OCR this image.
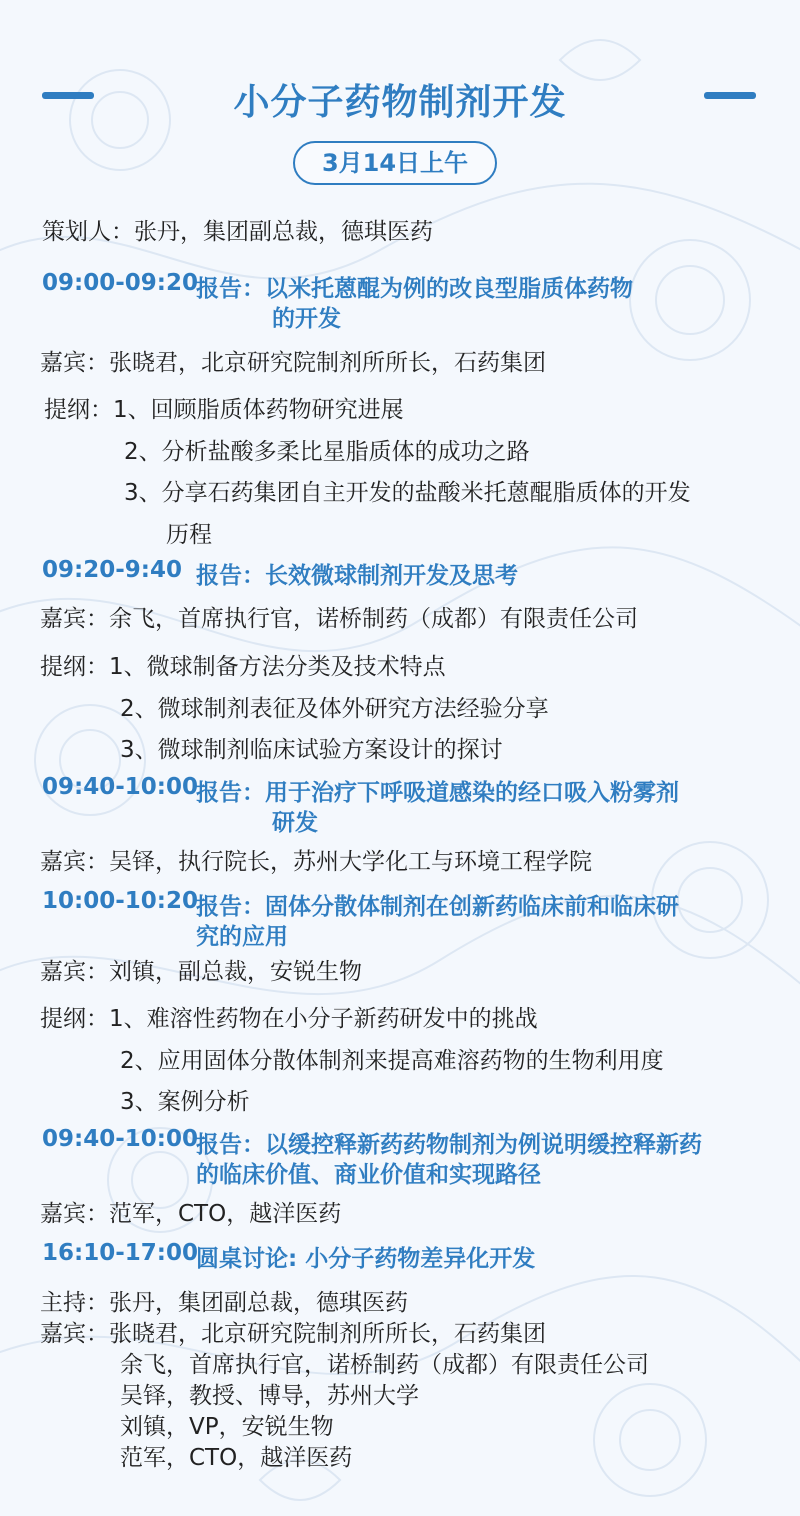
小分子药物制剂开发
3月14日上午
策划人：张丹，集团副总裁，德琪医药
09:00-09:20
报告：以米托蒽醌为例的改良型脂质体药物
的开发
嘉宾：张晓君，北京研究院制剂所所长，石药集团
提纲：1、回顾脂质体药物研究进展
2、分析盐酸多柔比星脂质体的成功之路
3、分享石药集团自主开发的盐酸米托蒽醌脂质体的开发
历程
09:20-9:40 报告：长效微球制剂开发及思考
嘉宾：余飞，首席执行官，诺桥制药（成都）有限责任公司
提纲：1、微球制备方法分类及技术特点
2、微球制剂表征及体外研究方法经验分享
3、微球制剂临床试验方案设计的探讨
09:40-10:00
报告：用于治疗下呼吸道感染的经口吸入粉雾剂
研发
嘉宾：吴铎，执行院长，苏州大学化工与环境工程学院
10:00-10:20
报告：固体分散体制剂在创新药临床前和临床研
究的应用
嘉宾：刘镇，副总裁，安锐生物
提纲：1、难溶性药物在小分子新药研发中的挑战
2、应用固体分散体制剂来提高难溶药物的生物利用度
3、案例分析
09:40-10:00
报告：以缓控释新药药物制剂为例说明缓控释新药
的临床价值、商业价值和实现路径
嘉宾：范军，CTO，越洋医药
16:10-17:00
圆桌讨论: 小分子药物差异化开发
主持：张丹，集团副总裁，德琪医药
嘉宾：张晓君，北京研究院制剂所所长，石药集团
余飞，首席执行官，诺桥制药（成都）有限责任公司
吴铎，教授、博导，苏州大学
刘镇，VP，安锐生物
范军，CTO，越洋医药
